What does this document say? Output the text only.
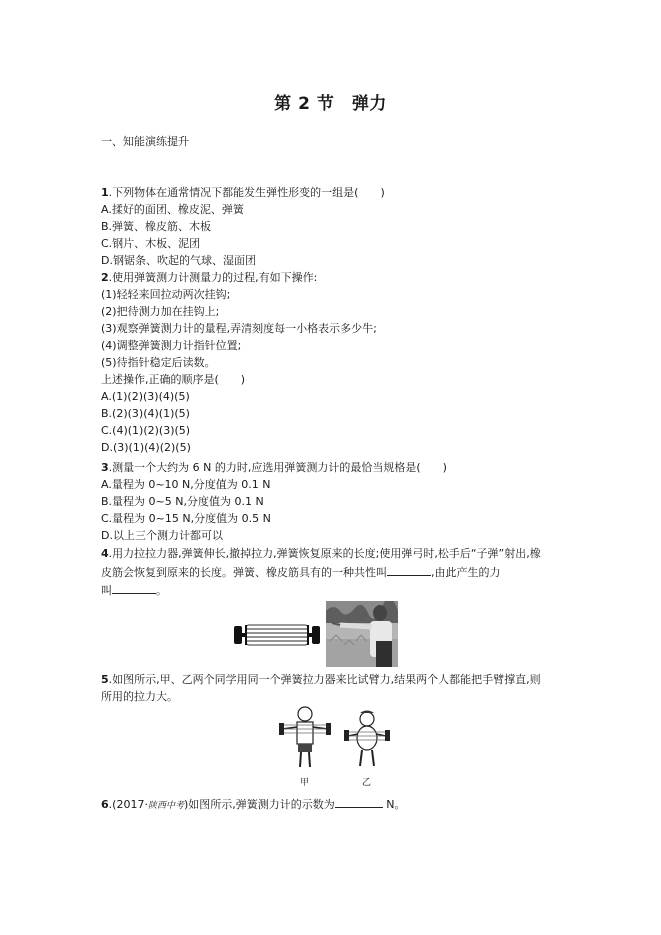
第 2 节　弹力
一、知能演练提升
1.下列物体在通常情况下都能发生弹性形变的一组是(　　)
A.揉好的面团、橡皮泥、弹簧
B.弹簧、橡皮筋、木板
C.钢片、木板、泥团
D.钢锯条、吹起的气球、湿面团
2.使用弹簧测力计测量力的过程,有如下操作:
(1)轻轻来回拉动两次挂钩;
(2)把待测力加在挂钩上;
(3)观察弹簧测力计的量程,弄清刻度每一小格表示多少牛;
(4)调整弹簧测力计指针位置;
(5)待指针稳定后读数。
上述操作,正确的顺序是(　　)
A.(1)(2)(3)(4)(5)
B.(2)(3)(4)(1)(5)
C.(4)(1)(2)(3)(5)
D.(3)(1)(4)(2)(5)
3.测量一个大约为 6 N 的力时,应选用弹簧测力计的最恰当规格是(　　)
A.量程为 0~10 N,分度值为 0.1 N
B.量程为 0~5 N,分度值为 0.1 N
C.量程为 0~15 N,分度值为 0.5 N
D.以上三个测力计都可以
4.用力拉拉力器,弹簧伸长,撤掉拉力,弹簧恢复原来的长度;使用弹弓时,松手后“子弹”射出,橡
皮筋会恢复到原来的长度。弹簧、橡皮筋具有的一种共性叫	,由此产生的力
叫	。
5.如图所示,甲、乙两个同学用同一个弹簧拉力器来比试臂力,结果两个人都能把手臂撑直,则
所用的拉力大。
甲	乙
6.(2017·陕西中考)如图所示,弹簧测力计的示数为	N。
